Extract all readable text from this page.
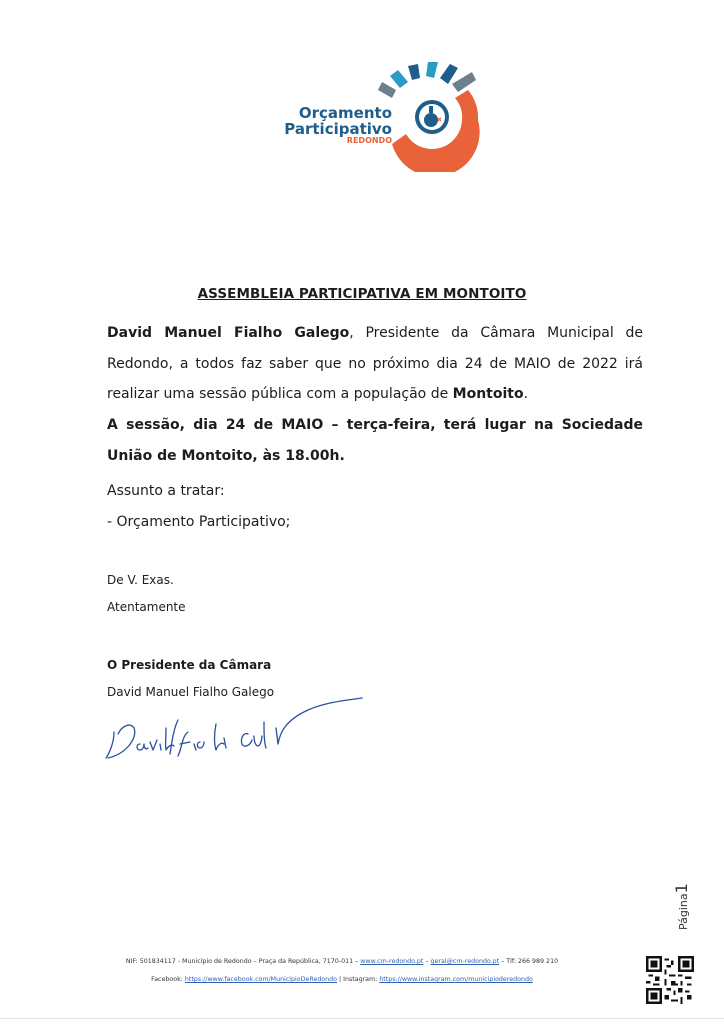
Orçamento
Participativo
REDONDO
ASSEMBLEIA PARTICIPATIVA EM MONTOITO
David Manuel Fialho Galego, Presidente da Câmara Municipal de Redondo, a todos faz saber que no próximo dia 24 de MAIO de 2022 irá realizar uma sessão pública com a população de Montoito.
A sessão, dia 24 de MAIO – terça-feira, terá lugar na Sociedade União de Montoito, às 18.00h.
Assunto a tratar:
- Orçamento Participativo;
De V. Exas.
Atentamente
O Presidente da Câmara
David Manuel Fialho Galego
Página1
NIF: 501834117 - Município de Redondo – Praça da República, 7170-011 – www.cm-redondo.pt – geral@cm-redondo.pt – Tlf: 266 989 210
Facebook: https://www.facebook.com/MunicipioDeRedondo | Instagram: https://www.instagram.com/municipioderedondo
